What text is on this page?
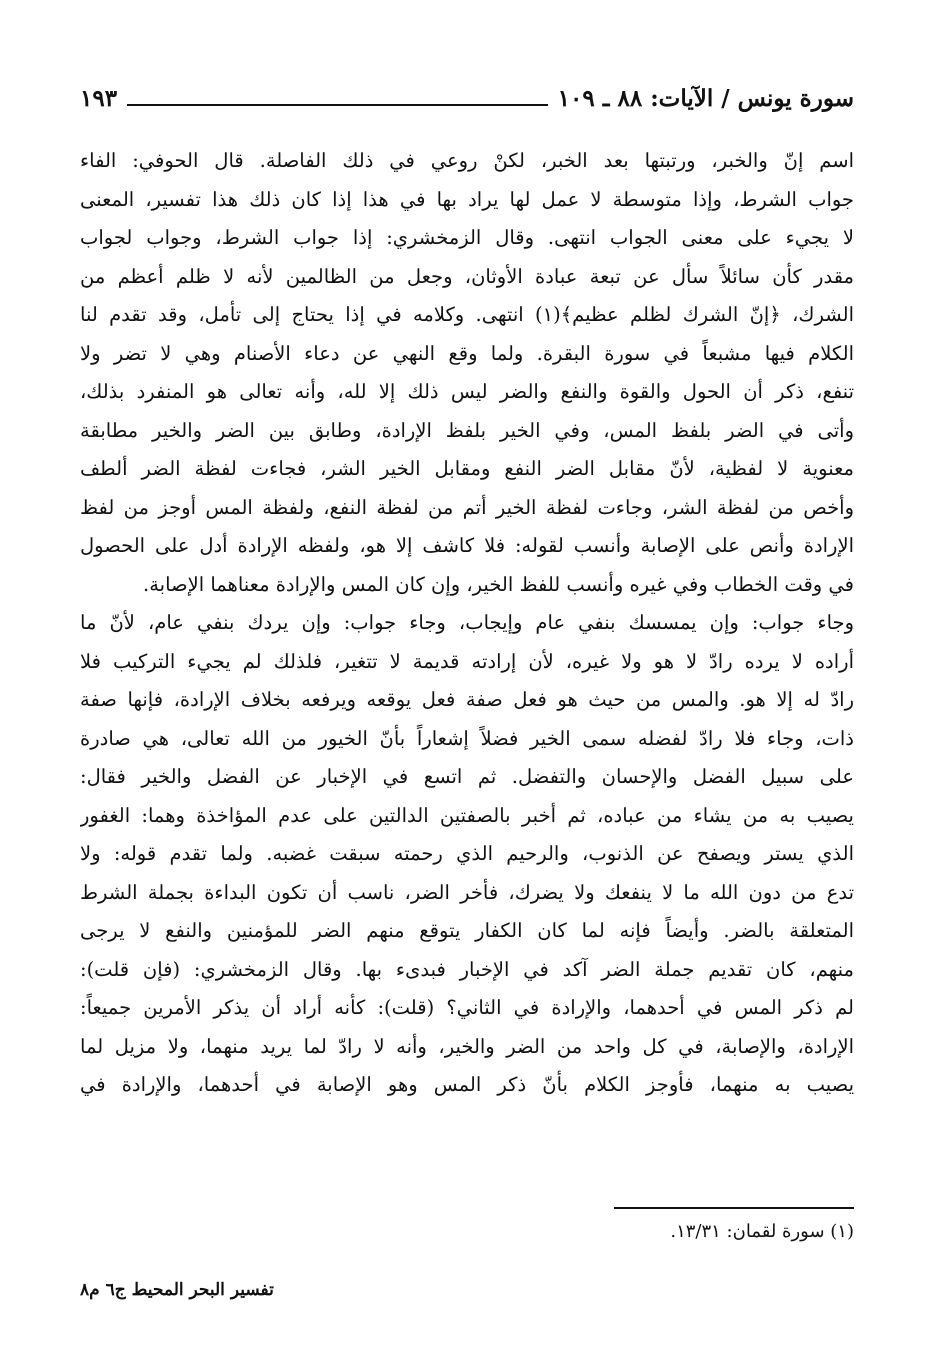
سورة يونس / الآيات: ٨٨ ـ ١٠٩
١٩٣
اسم إنّ والخبر، ورتبتها بعد الخبر، لكنْ روعي في ذلك الفاصلة. قال الحوفي: الفاء
جواب الشرط، وإذا متوسطة لا عمل لها يراد بها في هذا إذا كان ذلك هذا تفسير، المعنى
لا يجيء على معنى الجواب انتهى. وقال الزمخشري: إذا جواب الشرط، وجواب لجواب
مقدر كأن سائلاً سأل عن تبعة عبادة الأوثان، وجعل من الظالمين لأنه لا ظلم أعظم من
الشرك، ﴿إنّ الشرك لظلم عظيم﴾(١) انتهى. وكلامه في إذا يحتاج إلى تأمل، وقد تقدم لنا
الكلام فيها مشبعاً في سورة البقرة. ولما وقع النهي عن دعاء الأصنام وهي لا تضر ولا
تنفع، ذكر أن الحول والقوة والنفع والضر ليس ذلك إلا لله، وأنه تعالى هو المنفرد بذلك،
وأتى في الضر بلفظ المس، وفي الخير بلفظ الإرادة، وطابق بين الضر والخير مطابقة
معنوية لا لفظية، لأنّ مقابل الضر النفع ومقابل الخير الشر، فجاءت لفظة الضر ألطف
وأخص من لفظة الشر، وجاءت لفظة الخير أتم من لفظة النفع، ولفظة المس أوجز من لفظ
الإرادة وأنص على الإصابة وأنسب لقوله: فلا كاشف إلا هو، ولفظه الإرادة أدل على الحصول
في وقت الخطاب وفي غيره وأنسب للفظ الخير، وإن كان المس والإرادة معناهما الإصابة.
وجاء جواب: وإن يمسسك بنفي عام وإيجاب، وجاء جواب: وإن يردك بنفي عام، لأنّ ما
أراده لا يرده رادّ لا هو ولا غيره، لأن إرادته قديمة لا تتغير، فلذلك لم يجيء التركيب فلا
رادّ له إلا هو. والمس من حيث هو فعل صفة فعل يوقعه ويرفعه بخلاف الإرادة، فإنها صفة
ذات، وجاء فلا رادّ لفضله سمى الخير فضلاً إشعاراً بأنّ الخيور من الله تعالى، هي صادرة
على سبيل الفضل والإحسان والتفضل. ثم اتسع في الإخبار عن الفضل والخير فقال:
يصيب به من يشاء من عباده، ثم أخبر بالصفتين الدالتين على عدم المؤاخذة وهما: الغفور
الذي يستر ويصفح عن الذنوب، والرحيم الذي رحمته سبقت غضبه. ولما تقدم قوله: ولا
تدع من دون الله ما لا ينفعك ولا يضرك، فأخر الضر، ناسب أن تكون البداءة بجملة الشرط
المتعلقة بالضر. وأيضاً فإنه لما كان الكفار يتوقع منهم الضر للمؤمنين والنفع لا يرجى
منهم، كان تقديم جملة الضر آكد في الإخبار فبدىء بها. وقال الزمخشري: (فإن قلت):
لم ذكر المس في أحدهما، والإرادة في الثاني؟ (قلت): كأنه أراد أن يذكر الأمرين جميعاً:
الإرادة، والإصابة، في كل واحد من الضر والخير، وأنه لا رادّ لما يريد منهما، ولا مزيل لما
يصيب به منهما، فأوجز الكلام بأنّ ذكر المس وهو الإصابة في أحدهما، والإرادة في
(١) سورة لقمان: ١٣/٣١.
تفسير البحر المحيط ج٦ م٨
